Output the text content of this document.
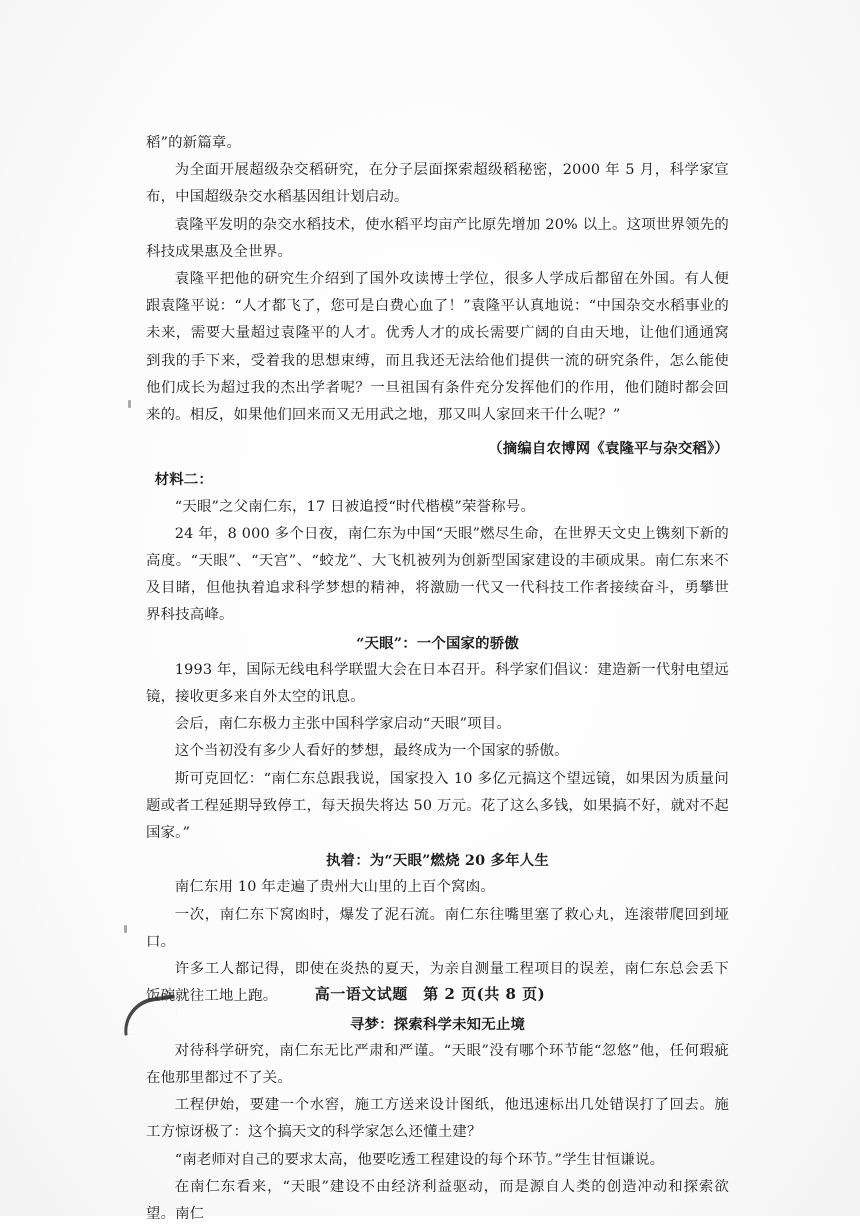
稻”的新篇章。

为全面开展超级杂交稻研究，在分子层面探索超级稻秘密，2000 年 5 月，科学家宣布，中国超级杂交水稻基因组计划启动。

袁隆平发明的杂交水稻技术，使水稻平均亩产比原先增加 20% 以上。这项世界领先的科技成果惠及全世界。

袁隆平把他的研究生介绍到了国外攻读博士学位，很多人学成后都留在外国。有人便跟袁隆平说：“人才都飞了，您可是白费心血了！”袁隆平认真地说：“中国杂交水稻事业的未来，需要大量超过袁隆平的人才。优秀人才的成长需要广阔的自由天地，让他们通通窝到我的手下来，受着我的思想束缚，而且我还无法给他们提供一流的研究条件，怎么能使他们成长为超过我的杰出学者呢？一旦祖国有条件充分发挥他们的作用，他们随时都会回来的。相反，如果他们回来而又无用武之地，那又叫人家回来干什么呢？”

（摘编自农博网《袁隆平与杂交稻》）

材料二：

“天眼”之父南仁东，17 日被追授“时代楷模”荣誉称号。

24 年，8 000 多个日夜，南仁东为中国“天眼”燃尽生命，在世界天文史上镌刻下新的高度。“天眼”、“天宫”、“蛟龙”、大飞机被列为创新型国家建设的丰硕成果。南仁东来不及目睹，但他执着追求科学梦想的精神，将激励一代又一代科技工作者接续奋斗，勇攀世界科技高峰。

“天眼”：一个国家的骄傲

1993 年，国际无线电科学联盟大会在日本召开。科学家们倡议：建造新一代射电望远镜，接收更多来自外太空的讯息。

会后，南仁东极力主张中国科学家启动“天眼”项目。

这个当初没有多少人看好的梦想，最终成为一个国家的骄傲。

斯可克回忆：“南仁东总跟我说，国家投入 10 多亿元搞这个望远镜，如果因为质量问题或者工程延期导致停工，每天损失将达 50 万元。花了这么多钱，如果搞不好，就对不起国家。”

执着：为“天眼”燃烧 20 多年人生

南仁东用 10 年走遍了贵州大山里的上百个窝凼。

一次，南仁东下窝凼时，爆发了泥石流。南仁东往嘴里塞了救心丸，连滚带爬回到垭口。

许多工人都记得，即使在炎热的夏天，为亲自测量工程项目的误差，南仁东总会丢下饭碗就往工地上跑。

寻梦：探索科学未知无止境

对待科学研究，南仁东无比严肃和严谨。“天眼”没有哪个环节能“忽悠”他，任何瑕疵在他那里都过不了关。

工程伊始，要建一个水窖，施工方送来设计图纸，他迅速标出几处错误打了回去。施工方惊讶极了：这个搞天文的科学家怎么还懂土建？

“南老师对自己的要求太高，他要吃透工程建设的每个环节。”学生甘恒谦说。

在南仁东看来，“天眼”建设不由经济利益驱动，而是源自人类的创造冲动和探索欲望。南仁

高一语文试题　第 2 页(共 8 页)
